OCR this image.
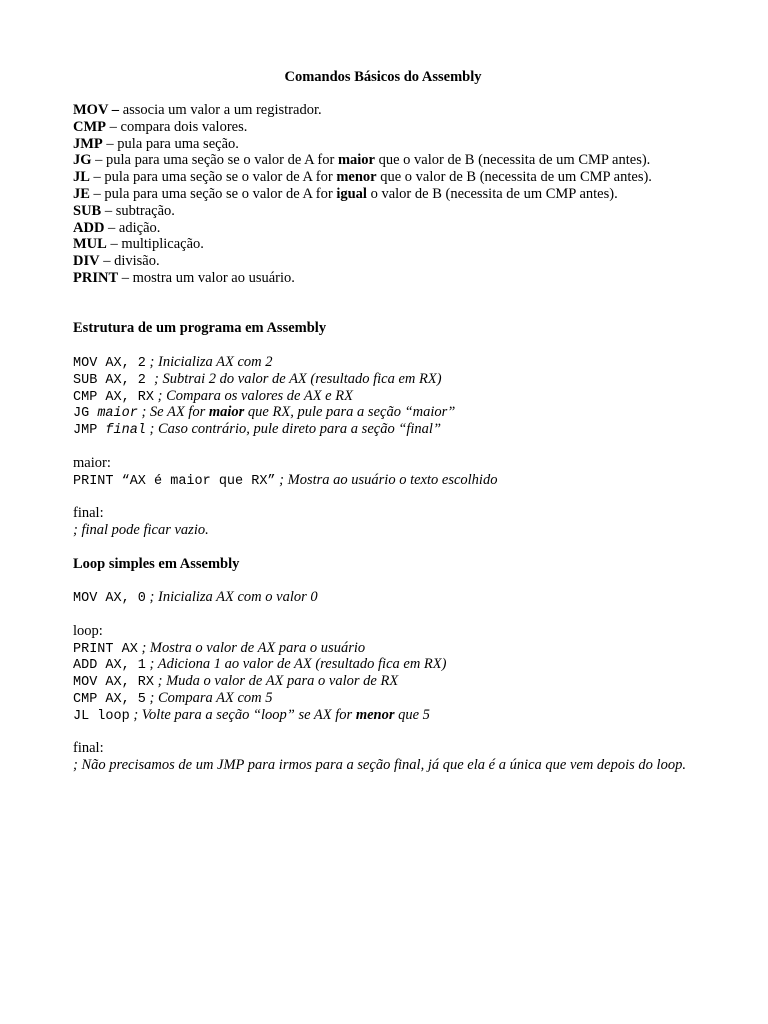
Comandos Básicos do Assembly
MOV – associa um valor a um registrador.
CMP – compara dois valores.
JMP – pula para uma seção.
JG – pula para uma seção se o valor de A for maior que o valor de B (necessita de um CMP antes).
JL – pula para uma seção se o valor de A for menor que o valor de B (necessita de um CMP antes).
JE – pula para uma seção se o valor de A for igual o valor de B (necessita de um CMP antes).
SUB – subtração.
ADD – adição.
MUL – multiplicação.
DIV – divisão.
PRINT – mostra um valor ao usuário.
Estrutura de um programa em Assembly
MOV AX, 2 ; Inicializa AX com 2
SUB AX, 2 ; Subtrai 2 do valor de AX (resultado fica em RX)
CMP AX, RX ; Compara os valores de AX e RX
JG maior ; Se AX for maior que RX, pule para a seção “maior”
JMP final ; Caso contrário, pule direto para a seção “final”
maior:
PRINT “AX é maior que RX” ; Mostra ao usuário o texto escolhido
final:
; final pode ficar vazio.
Loop simples em Assembly
MOV AX, 0 ; Inicializa AX com o valor 0
loop:
PRINT AX ; Mostra o valor de AX para o usuário
ADD AX, 1 ; Adiciona 1 ao valor de AX (resultado fica em RX)
MOV AX, RX ; Muda o valor de AX para o valor de RX
CMP AX, 5 ; Compara AX com 5
JL loop ; Volte para a seção “loop” se AX for menor que 5
final:
; Não precisamos de um JMP para irmos para a seção final, já que ela é a única que vem depois do loop.
